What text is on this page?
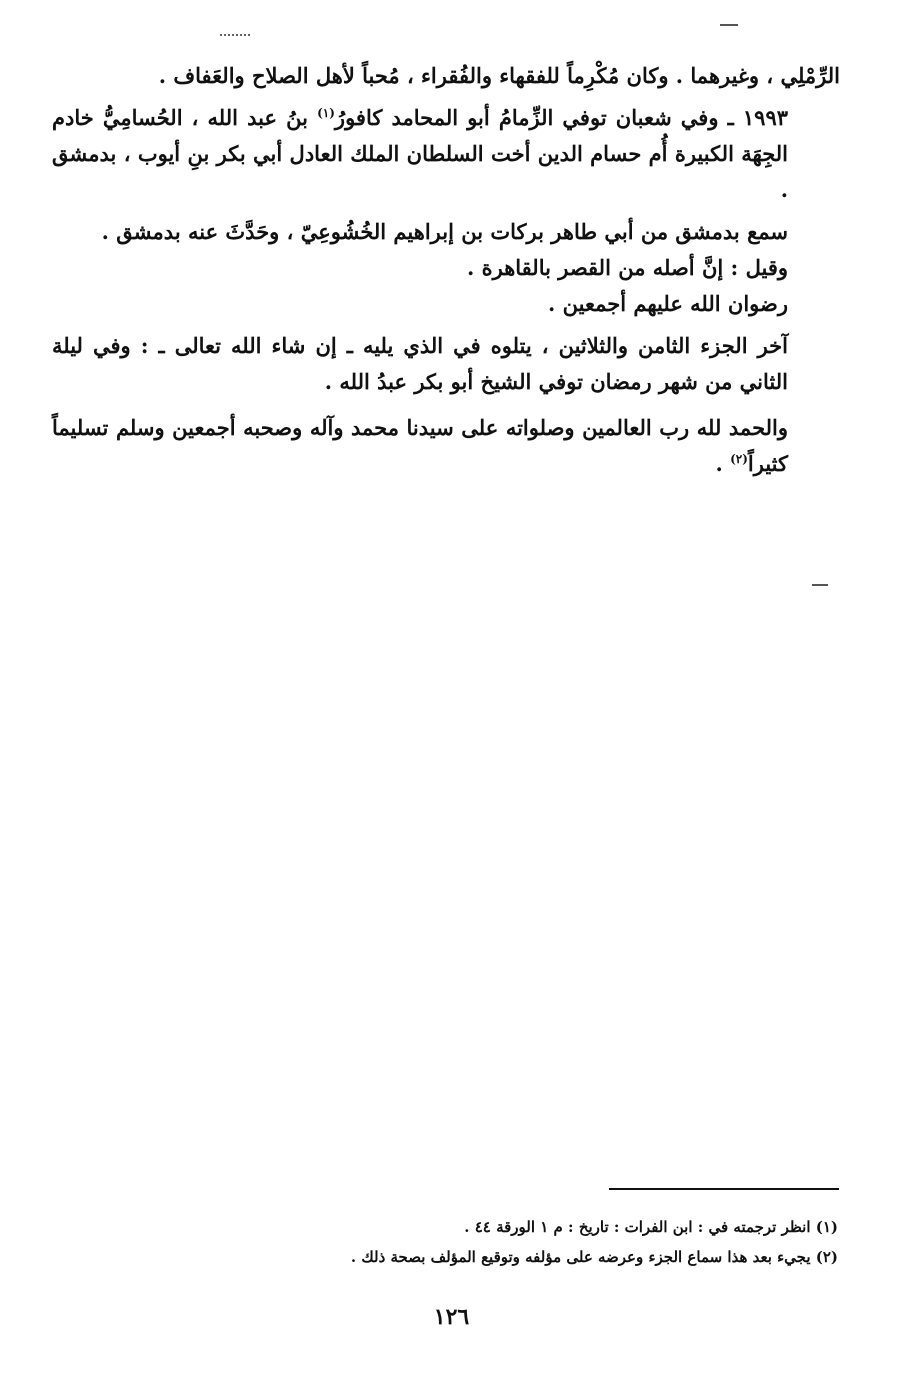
الرِّمْلِي ، وغيرهما . وكان مُكْرِماً للفقهاء والفُقراء ، مُحباً لأهل الصلاح والعَفاف .

١٩٩٣ ـ وفي شعبان توفي الزِّمامُ أبو المحامد كافورُ$^{(١)}$ بنُ عبد الله ، الحُسامِيُّ خادم الجِهَة الكبيرة أُم حسام الدين أخت السلطان الملك العادل أبي بكر بنِ أيوب ، بدمشق .

سمع بدمشق من أبي طاهر بركات بن إبراهيم الخُشُوعِيّ ، وحَدَّثَ عنه بدمشق .

وقيل : إنَّ أصله من القصر بالقاهرة .

رضوان الله عليهم أجمعين .

آخر الجزء الثامن والثلاثين ، يتلوه في الذي يليه ـ إن شاء الله تعالى ـ : وفي ليلة الثاني من شهر رمضان توفي الشيخ أبو بكر عبدُ الله .

والحمد لله رب العالمين وصلواته على سيدنا محمد وآله وصحبه أجمعين وسلم تسليماً كثيراً$^{(٢)}$ .

(١) انظر ترجمته في : ابن الفرات : تاريخ : م ١ الورقة ٤٤ .

(٢) يجيء بعد هذا سماع الجزء وعرضه على مؤلفه وتوقيع المؤلف بصحة ذلك .

١٢٦
